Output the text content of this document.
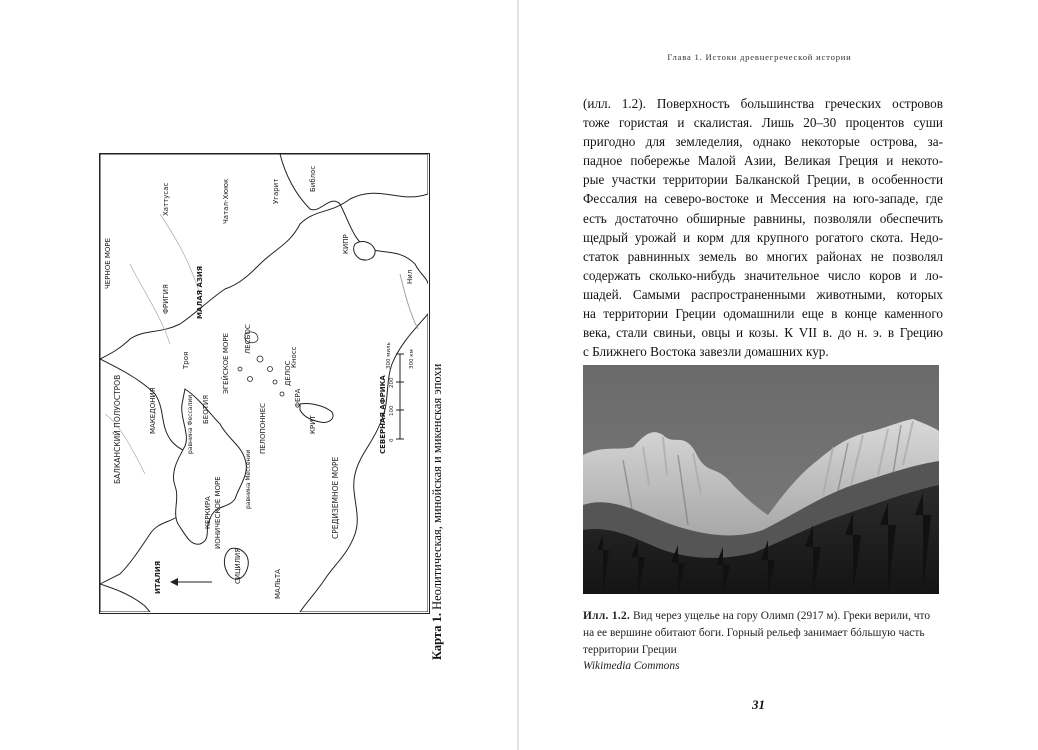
ЧЕРНОЕ МОРЕ
Хаттусас
ФРИГИЯ	МАЛАЯ АЗИЯ
Троя
ЛЕСБОС
ЭГЕЙСКОЕ МОРЕ
БЕОТИЯ
ДЕЛОС
ФЕРА
КРИТ
Кносс
Чатал-Хююк	Угарит	Библос
КИПР
Нил
БАЛКАНСКИЙ ПОЛУОСТРОВ	МАКЕДОНИЯ	равнина Фессалии
КЕРКИРА ИОНИЧЕСКОЕ МОРЕ	равнина Мессении
ПЕЛОПОННЕС
СРЕДИЗЕМНОЕ МОРЕ
СЕВЕРНАЯ АФРИКА
ИТАЛИЯ	СИЦИЛИЯ
МАЛЬТА
300 миль	300 км
0
100
200
Карта 1. Неолитическая, минойская и микенская эпохи
Глава 1. Истоки древнегреческой истории
(илл. 1.2). Поверхность большинства греческих островов
тоже гористая и скалистая. Лишь 20–30 процентов суши
пригодно для земледелия, однако некоторые острова, за-
падное побережье Малой Азии, Великая Греция и некото-
рые участки территории Балканской Греции, в особенности
Фессалия на северо-востоке и Мессения на юго-западе, где
есть достаточно обширные равнины, позволяли обеспечить
щедрый урожай и корм для крупного рогатого скота. Недо-
статок равнинных земель во многих районах не позволял
содержать сколько-нибудь значительное число коров и ло-
шадей. Самыми распространенными животными, которых
на территории Греции одомашнили еще в конце каменного
века, стали свиньи, овцы и козы. К VII в. до н. э. в Грецию
с Ближнего Востока завезли домашних кур.
Илл. 1.2. Вид через ущелье на гору Олимп (2917 м). Греки верили, что на ее вершине обитают боги. Горный рельеф занимает бóльшую часть территории Греции
Wikimedia Commons
31
